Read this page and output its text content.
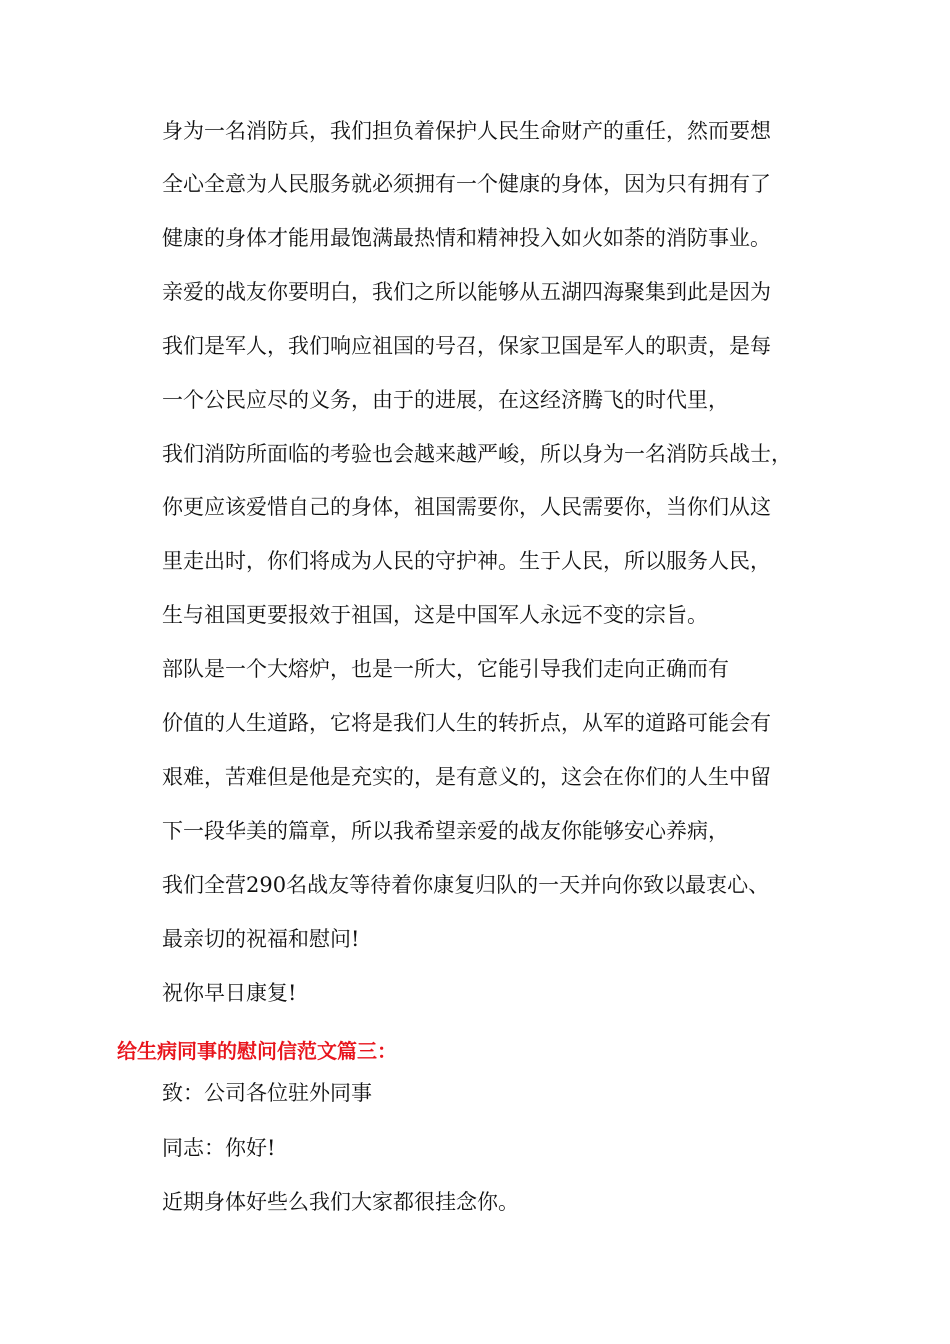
身为一名消防兵，我们担负着保护人民生命财产的重任，然而要想
全心全意为人民服务就必须拥有一个健康的身体，因为只有拥有了
健康的身体才能用最饱满最热情和精神投入如火如荼的消防事业。
亲爱的战友你要明白，我们之所以能够从五湖四海聚集到此是因为
我们是军人，我们响应祖国的号召，保家卫国是军人的职责，是每
一个公民应尽的义务，由于的进展，在这经济腾飞的时代里，
我们消防所面临的考验也会越来越严峻，所以身为一名消防兵战士，
你更应该爱惜自己的身体，祖国需要你，人民需要你，当你们从这
里走出时，你们将成为人民的守护神。生于人民，所以服务人民，
生与祖国更要报效于祖国，这是中国军人永远不变的宗旨。
部队是一个大熔炉，也是一所大，它能引导我们走向正确而有
价值的人生道路，它将是我们人生的转折点，从军的道路可能会有
艰难，苦难但是他是充实的，是有意义的，这会在你们的人生中留
下一段华美的篇章，所以我希望亲爱的战友你能够安心养病，
我们全营290名战友等待着你康复归队的一天并向你致以最衷心、
最亲切的祝福和慰问!
祝你早日康复!
给生病同事的慰问信范文篇三：
致：公司各位驻外同事
同志：你好!
近期身体好些么我们大家都很挂念你。
